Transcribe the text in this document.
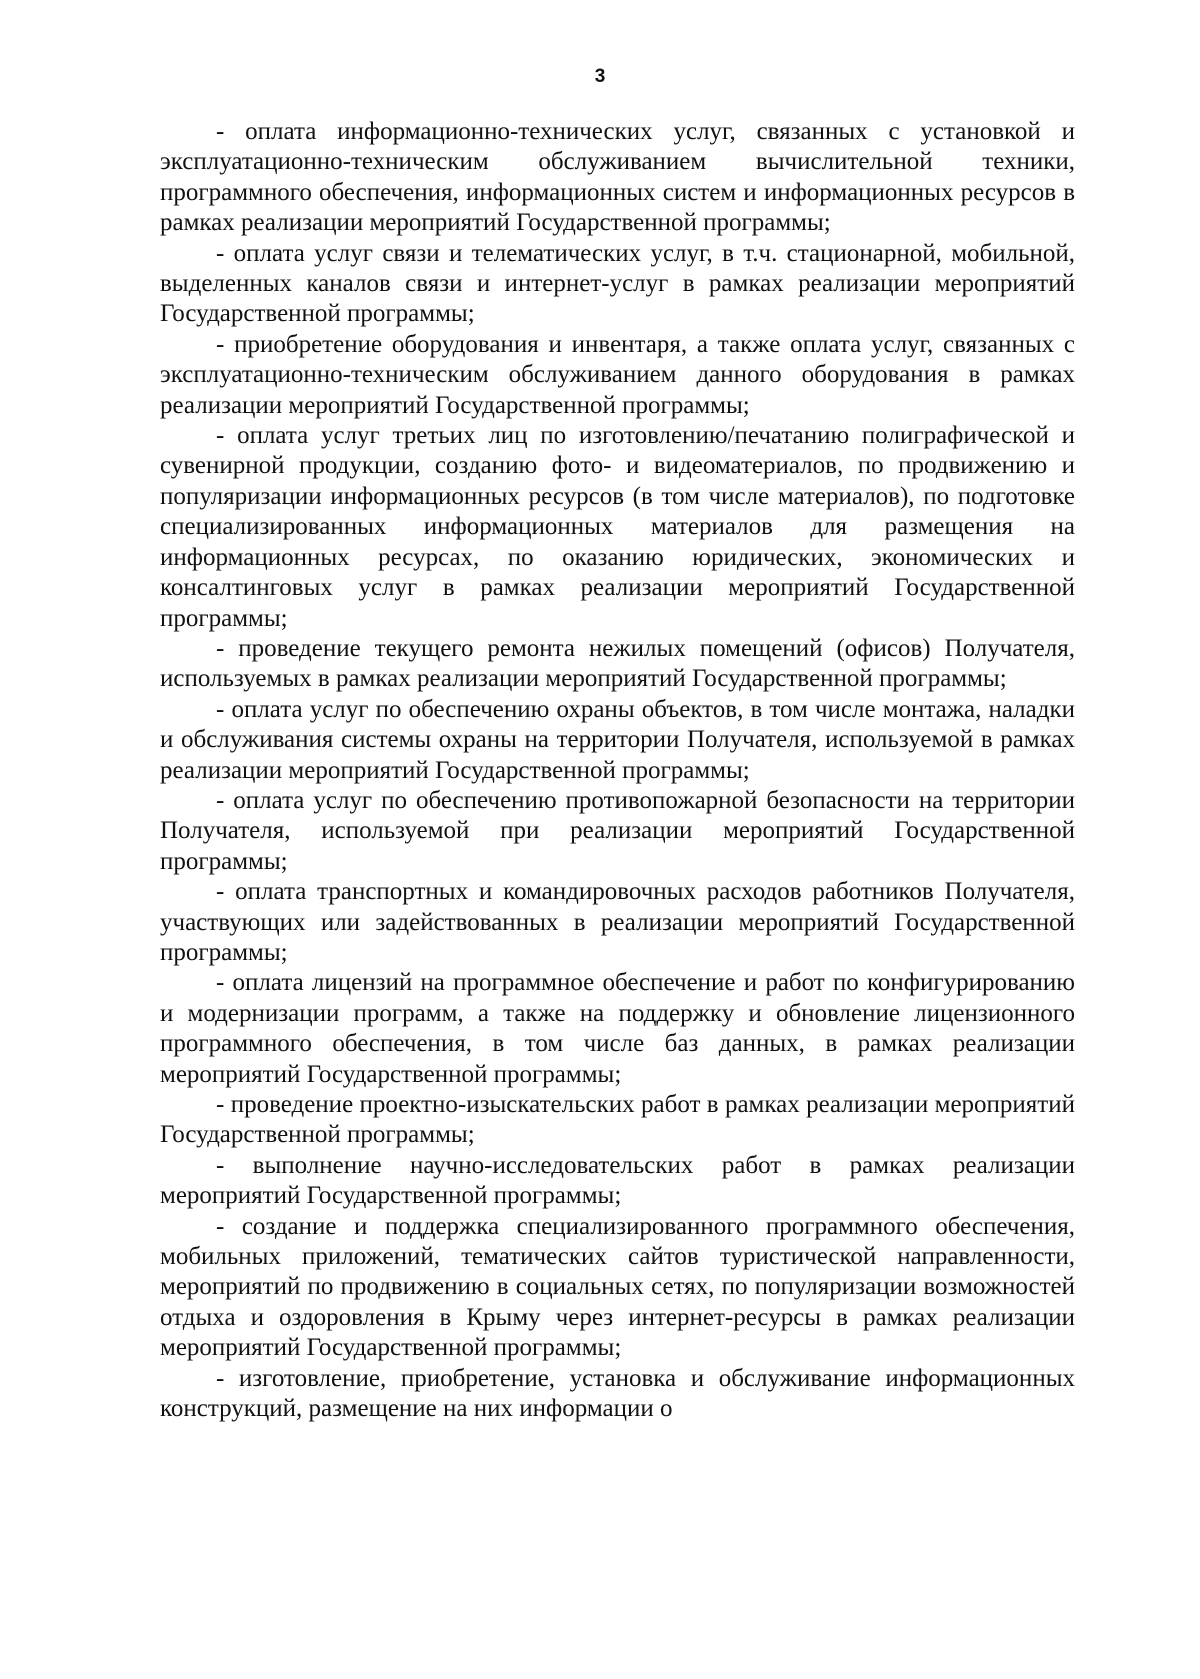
3

- оплата информационно-технических услуг, связанных с установкой и эксплуатационно-техническим обслуживанием вычислительной техники, программного обеспечения, информационных систем и информационных ресурсов в рамках реализации мероприятий Государственной программы;

- оплата услуг связи и телематических услуг, в т.ч. стационарной, мобильной, выделенных каналов связи и интернет-услуг в рамках реализации мероприятий Государственной программы;

- приобретение оборудования и инвентаря, а также оплата услуг, связанных с эксплуатационно-техническим обслуживанием данного оборудования в рамках реализации мероприятий Государственной программы;

- оплата услуг третьих лиц по изготовлению/печатанию полиграфической и сувенирной продукции, созданию фото- и видеоматериалов, по продвижению и популяризации информационных ресурсов (в том числе материалов), по подготовке специализированных информационных материалов для размещения на информационных ресурсах, по оказанию юридических, экономических и консалтинговых услуг в рамках реализации мероприятий Государственной программы;

- проведение текущего ремонта нежилых помещений (офисов) Получателя, используемых в рамках реализации мероприятий Государственной программы;

- оплата услуг по обеспечению охраны объектов, в том числе монтажа, наладки и обслуживания системы охраны на территории Получателя, используемой в рамках реализации мероприятий Государственной программы;

- оплата услуг по обеспечению противопожарной безопасности на территории Получателя, используемой при реализации мероприятий Государственной программы;

- оплата транспортных и командировочных расходов работников Получателя, участвующих или задействованных в реализации мероприятий Государственной программы;

- оплата лицензий на программное обеспечение и работ по конфигурированию и модернизации программ, а также на поддержку и обновление лицензионного программного обеспечения, в том числе баз данных, в рамках реализации мероприятий Государственной программы;

- проведение проектно-изыскательских работ в рамках реализации мероприятий Государственной программы;

- выполнение научно-исследовательских работ в рамках реализации мероприятий Государственной программы;

- создание и поддержка специализированного программного обеспечения, мобильных приложений, тематических сайтов туристической направленности, мероприятий по продвижению в социальных сетях, по популяризации возможностей отдыха и оздоровления в Крыму через интернет-ресурсы в рамках реализации мероприятий Государственной программы;

- изготовление, приобретение, установка и обслуживание информационных конструкций, размещение на них информации о
